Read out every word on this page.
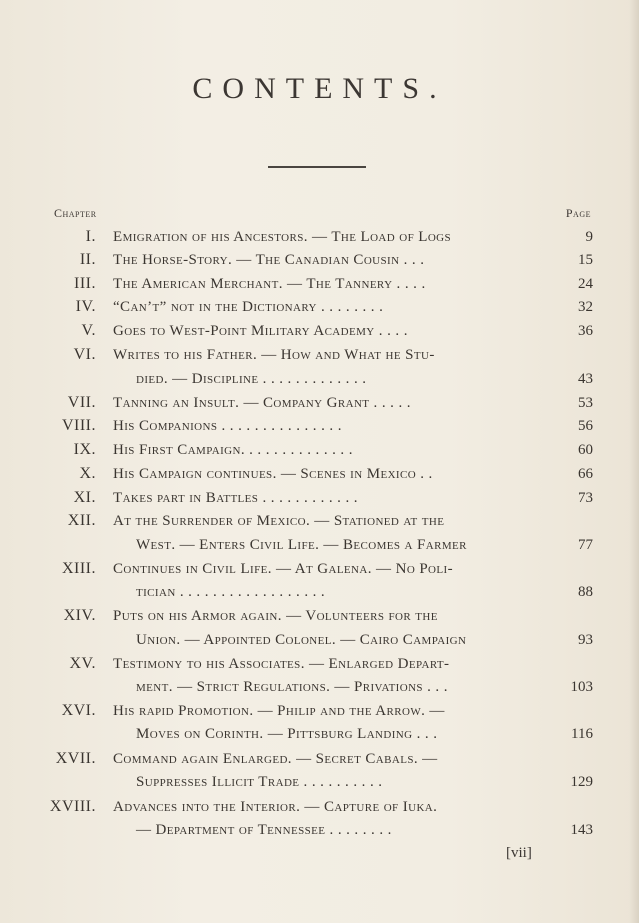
CONTENTS.
Chapter	Page
I. Emigration of his Ancestors. — The Load of Logs	9
II. The Horse-Story. — The Canadian Cousin . . .	15
III. The American Merchant. — The Tannery . . . .	24
IV. “Can’t” not in the Dictionary . . . . . . . .	32
V. Goes to West-Point Military Academy . . . .	36
VI. Writes to his Father. — How and What he Stu-
died. — Discipline . . . . . . . . . . . . .	43
VII. Tanning an Insult. — Company Grant . . . . .	53
VIII. His Companions . . . . . . . . . . . . . . .	56
IX. His First Campaign. . . . . . . . . . . . . .	60
X. His Campaign continues. — Scenes in Mexico . .	66
XI. Takes part in Battles . . . . . . . . . . . .	73
XII. At the Surrender of Mexico. — Stationed at the
West. — Enters Civil Life. — Becomes a Farmer	77
XIII. Continues in Civil Life. — At Galena. — No Poli-
tician . . . . . . . . . . . . . . . . . .	88
XIV. Puts on his Armor again. — Volunteers for the
Union. — Appointed Colonel. — Cairo Campaign	93
XV. Testimony to his Associates. — Enlarged Depart-
ment. — Strict Regulations. — Privations . . .	103
XVI. His rapid Promotion. — Philip and the Arrow. —
Moves on Corinth. — Pittsburg Landing . . .	116
XVII. Command again Enlarged. — Secret Cabals. —
Suppresses Illicit Trade . . . . . . . . . .	129
XVIII. Advances into the Interior. — Capture of Iuka.
— Department of Tennessee . . . . . . . .	143
[vii]
